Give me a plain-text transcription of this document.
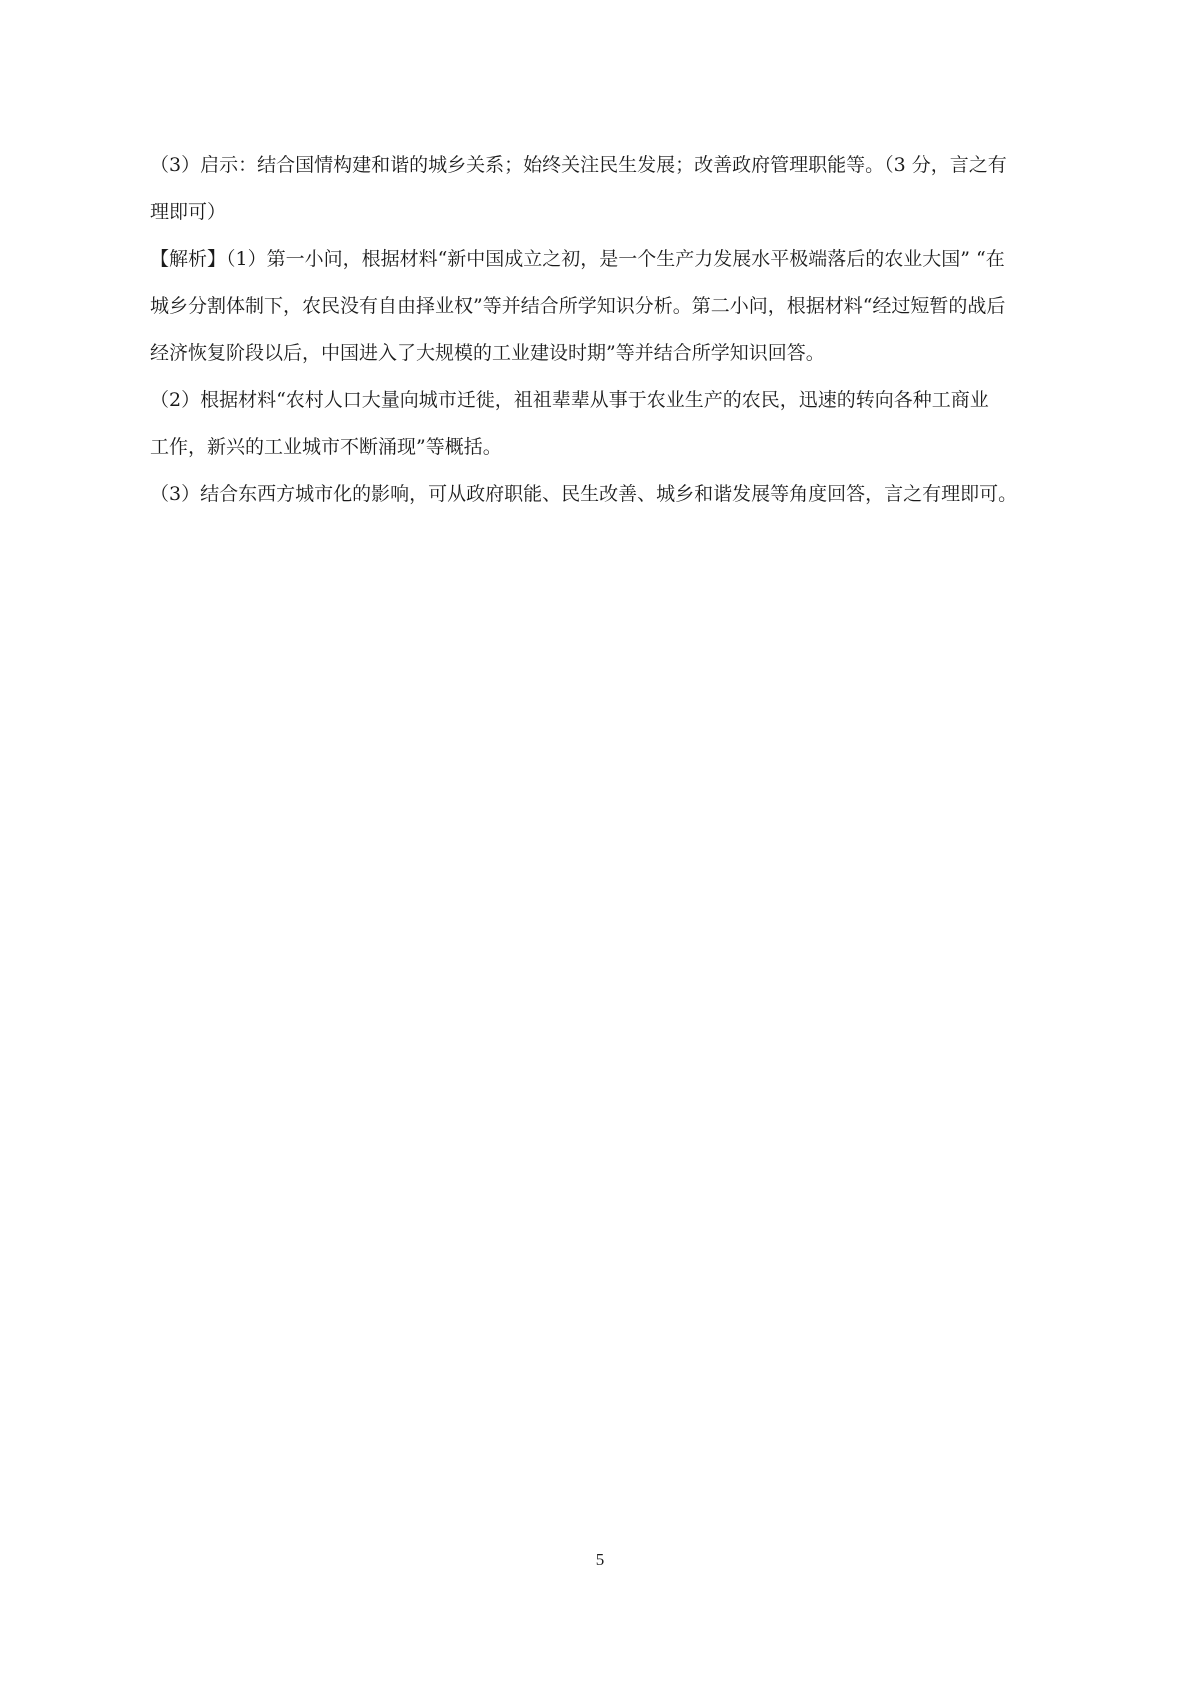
（3）启示：结合国情构建和谐的城乡关系；始终关注民生发展；改善政府管理职能等。（3 分，言之有

理即可）

【解析】（1）第一小问，根据材料“新中国成立之初，是一个生产力发展水平极端落后的农业大国” “在

城乡分割体制下，农民没有自由择业权”等并结合所学知识分析。第二小问，根据材料“经过短暂的战后

经济恢复阶段以后，中国进入了大规模的工业建设时期”等并结合所学知识回答。

（2）根据材料“农村人口大量向城市迁徙，祖祖辈辈从事于农业生产的农民，迅速的转向各种工商业

工作，新兴的工业城市不断涌现”等概括。

（3）结合东西方城市化的影响，可从政府职能、民生改善、城乡和谐发展等角度回答，言之有理即可。

5
